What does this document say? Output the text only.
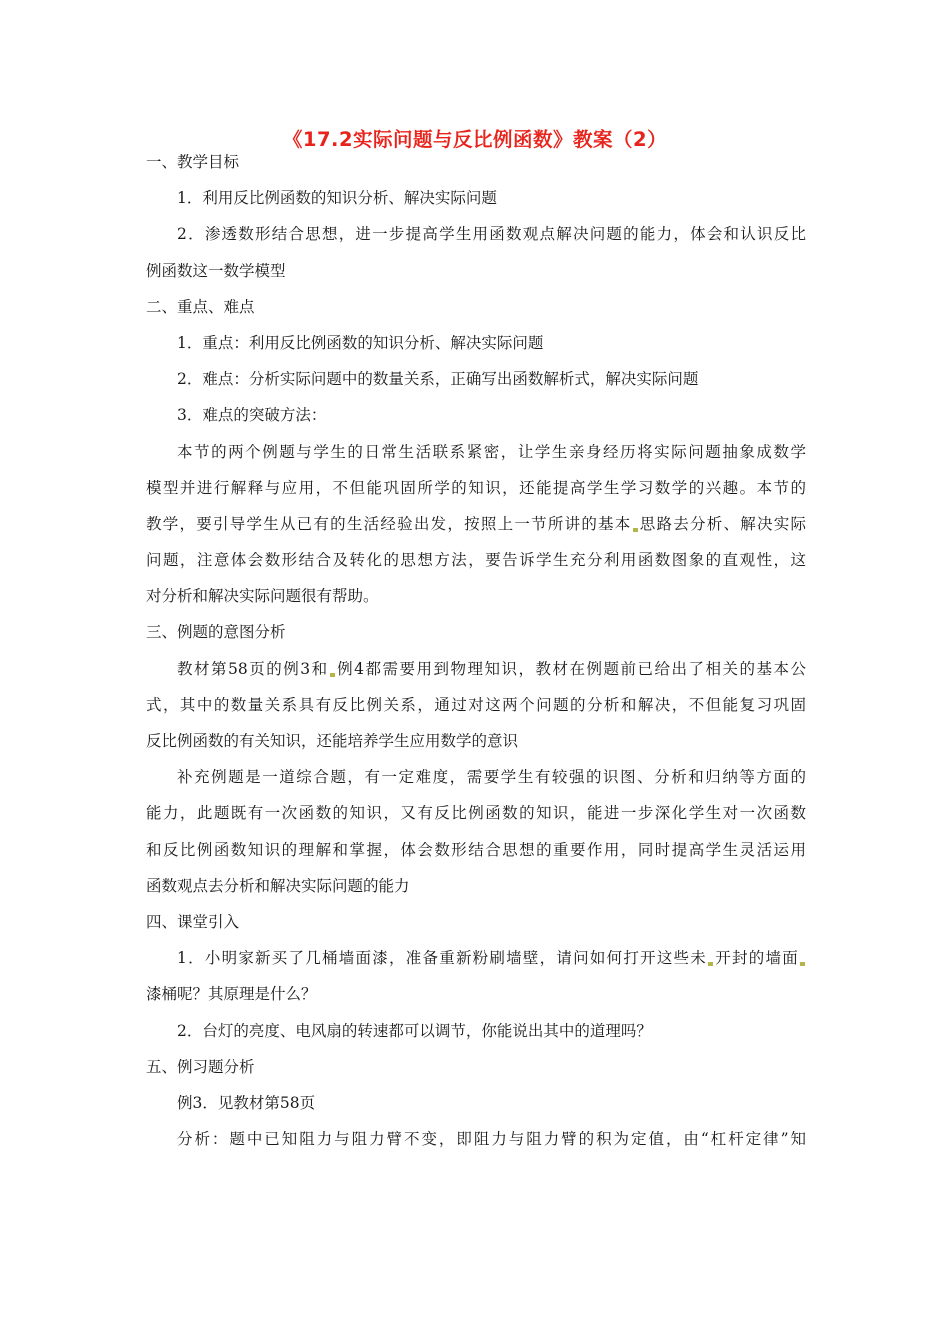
《17.2实际问题与反比例函数》教案（2）
一、教学目标
1．利用反比例函数的知识分析、解决实际问题
2．渗透数形结合思想，进一步提高学生用函数观点解决问题的能力，体会和认识反比
例函数这一数学模型
二、重点、难点
1．重点：利用反比例函数的知识分析、解决实际问题
2．难点：分析实际问题中的数量关系，正确写出函数解析式，解决实际问题
3．难点的突破方法：
本节的两个例题与学生的日常生活联系紧密，让学生亲身经历将实际问题抽象成数学
模型并进行解释与应用，不但能巩固所学的知识，还能提高学生学习数学的兴趣。本节的
教学，要引导学生从已有的生活经验出发，按照上一节所讲的基本 思路去分析、解决实际
问题，注意体会数形结合及转化的思想方法，要告诉学生充分利用函数图象的直观性，这
对分析和解决实际问题很有帮助。
三、例题的意图分析
教材第58页的例3和 例4都需要用到物理知识，教材在例题前已给出了相关的基本公
式，其中的数量关系具有反比例关系，通过对这两个问题的分析和解决，不但能复习巩固
反比例函数的有关知识，还能培养学生应用数学的意识
补充例题是一道综合题，有一定难度，需要学生有较强的识图、分析和归纳等方面的
能力，此题既有一次函数的知识，又有反比例函数的知识，能进一步深化学生对一次函数
和反比例函数知识的理解和掌握，体会数形结合思想的重要作用，同时提高学生灵活运用
函数观点去分析和解决实际问题的能力
四、课堂引入
1．小明家新买了几桶墙面漆，准备重新粉刷墙壁，请问如何打开这些未 开封的墙面
漆桶呢？其原理是什么？
2．台灯的亮度、电风扇的转速都可以调节，你能说出其中的道理吗？
五、例习题分析
例3．见教材第58页
分析：题中已知阻力与阻力臂不变，即阻力与阻力臂的积为定值，由“杠杆定律”知
